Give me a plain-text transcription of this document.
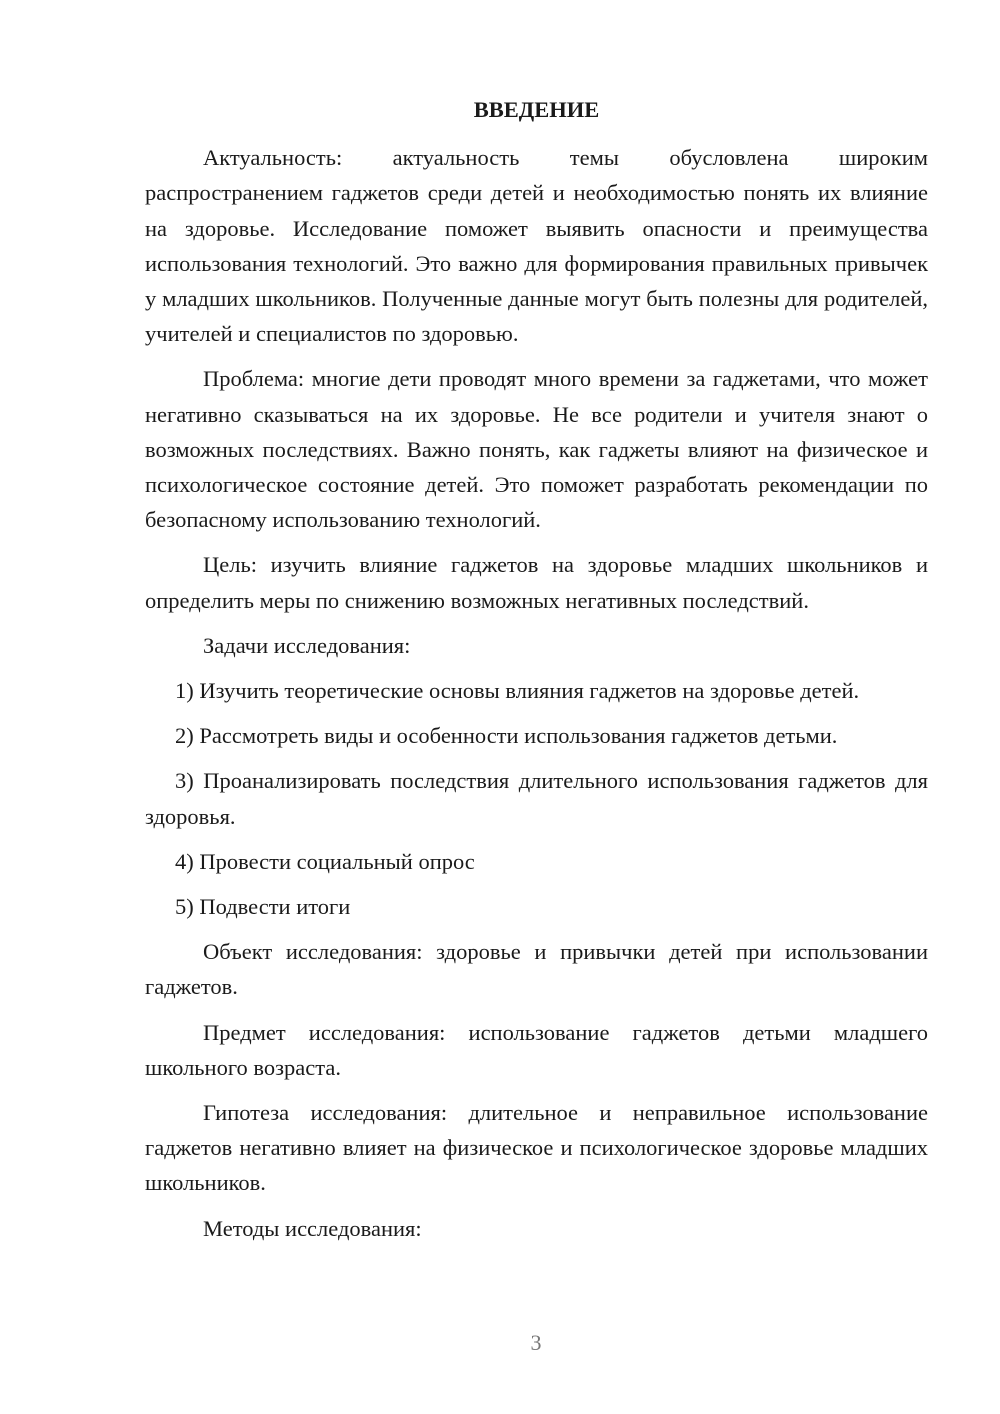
ВВЕДЕНИЕ

Актуальность: актуальность темы обусловлена широким распространением гаджетов среди детей и необходимостью понять их влияние на здоровье. Исследование поможет выявить опасности и преимущества использования технологий. Это важно для формирования правильных привычек у младших школьников. Полученные данные могут быть полезны для родителей, учителей и специалистов по здоровью.

Проблема: многие дети проводят много времени за гаджетами, что может негативно сказываться на их здоровье. Не все родители и учителя знают о возможных последствиях. Важно понять, как гаджеты влияют на физическое и психологическое состояние детей. Это поможет разработать рекомендации по безопасному использованию технологий.

Цель: изучить влияние гаджетов на здоровье младших школьников и определить меры по снижению возможных негативных последствий.

Задачи исследования:

1) Изучить теоретические основы влияния гаджетов на здоровье детей.

2) Рассмотреть виды и особенности использования гаджетов детьми.

3) Проанализировать последствия длительного использования гаджетов для здоровья.

4) Провести социальный опрос

5) Подвести итоги

Объект исследования: здоровье и привычки детей при использовании гаджетов.

Предмет исследования: использование гаджетов детьми младшего школьного возраста.

Гипотеза исследования: длительное и неправильное использование гаджетов негативно влияет на физическое и психологическое здоровье младших школьников.

Методы исследования:

3
